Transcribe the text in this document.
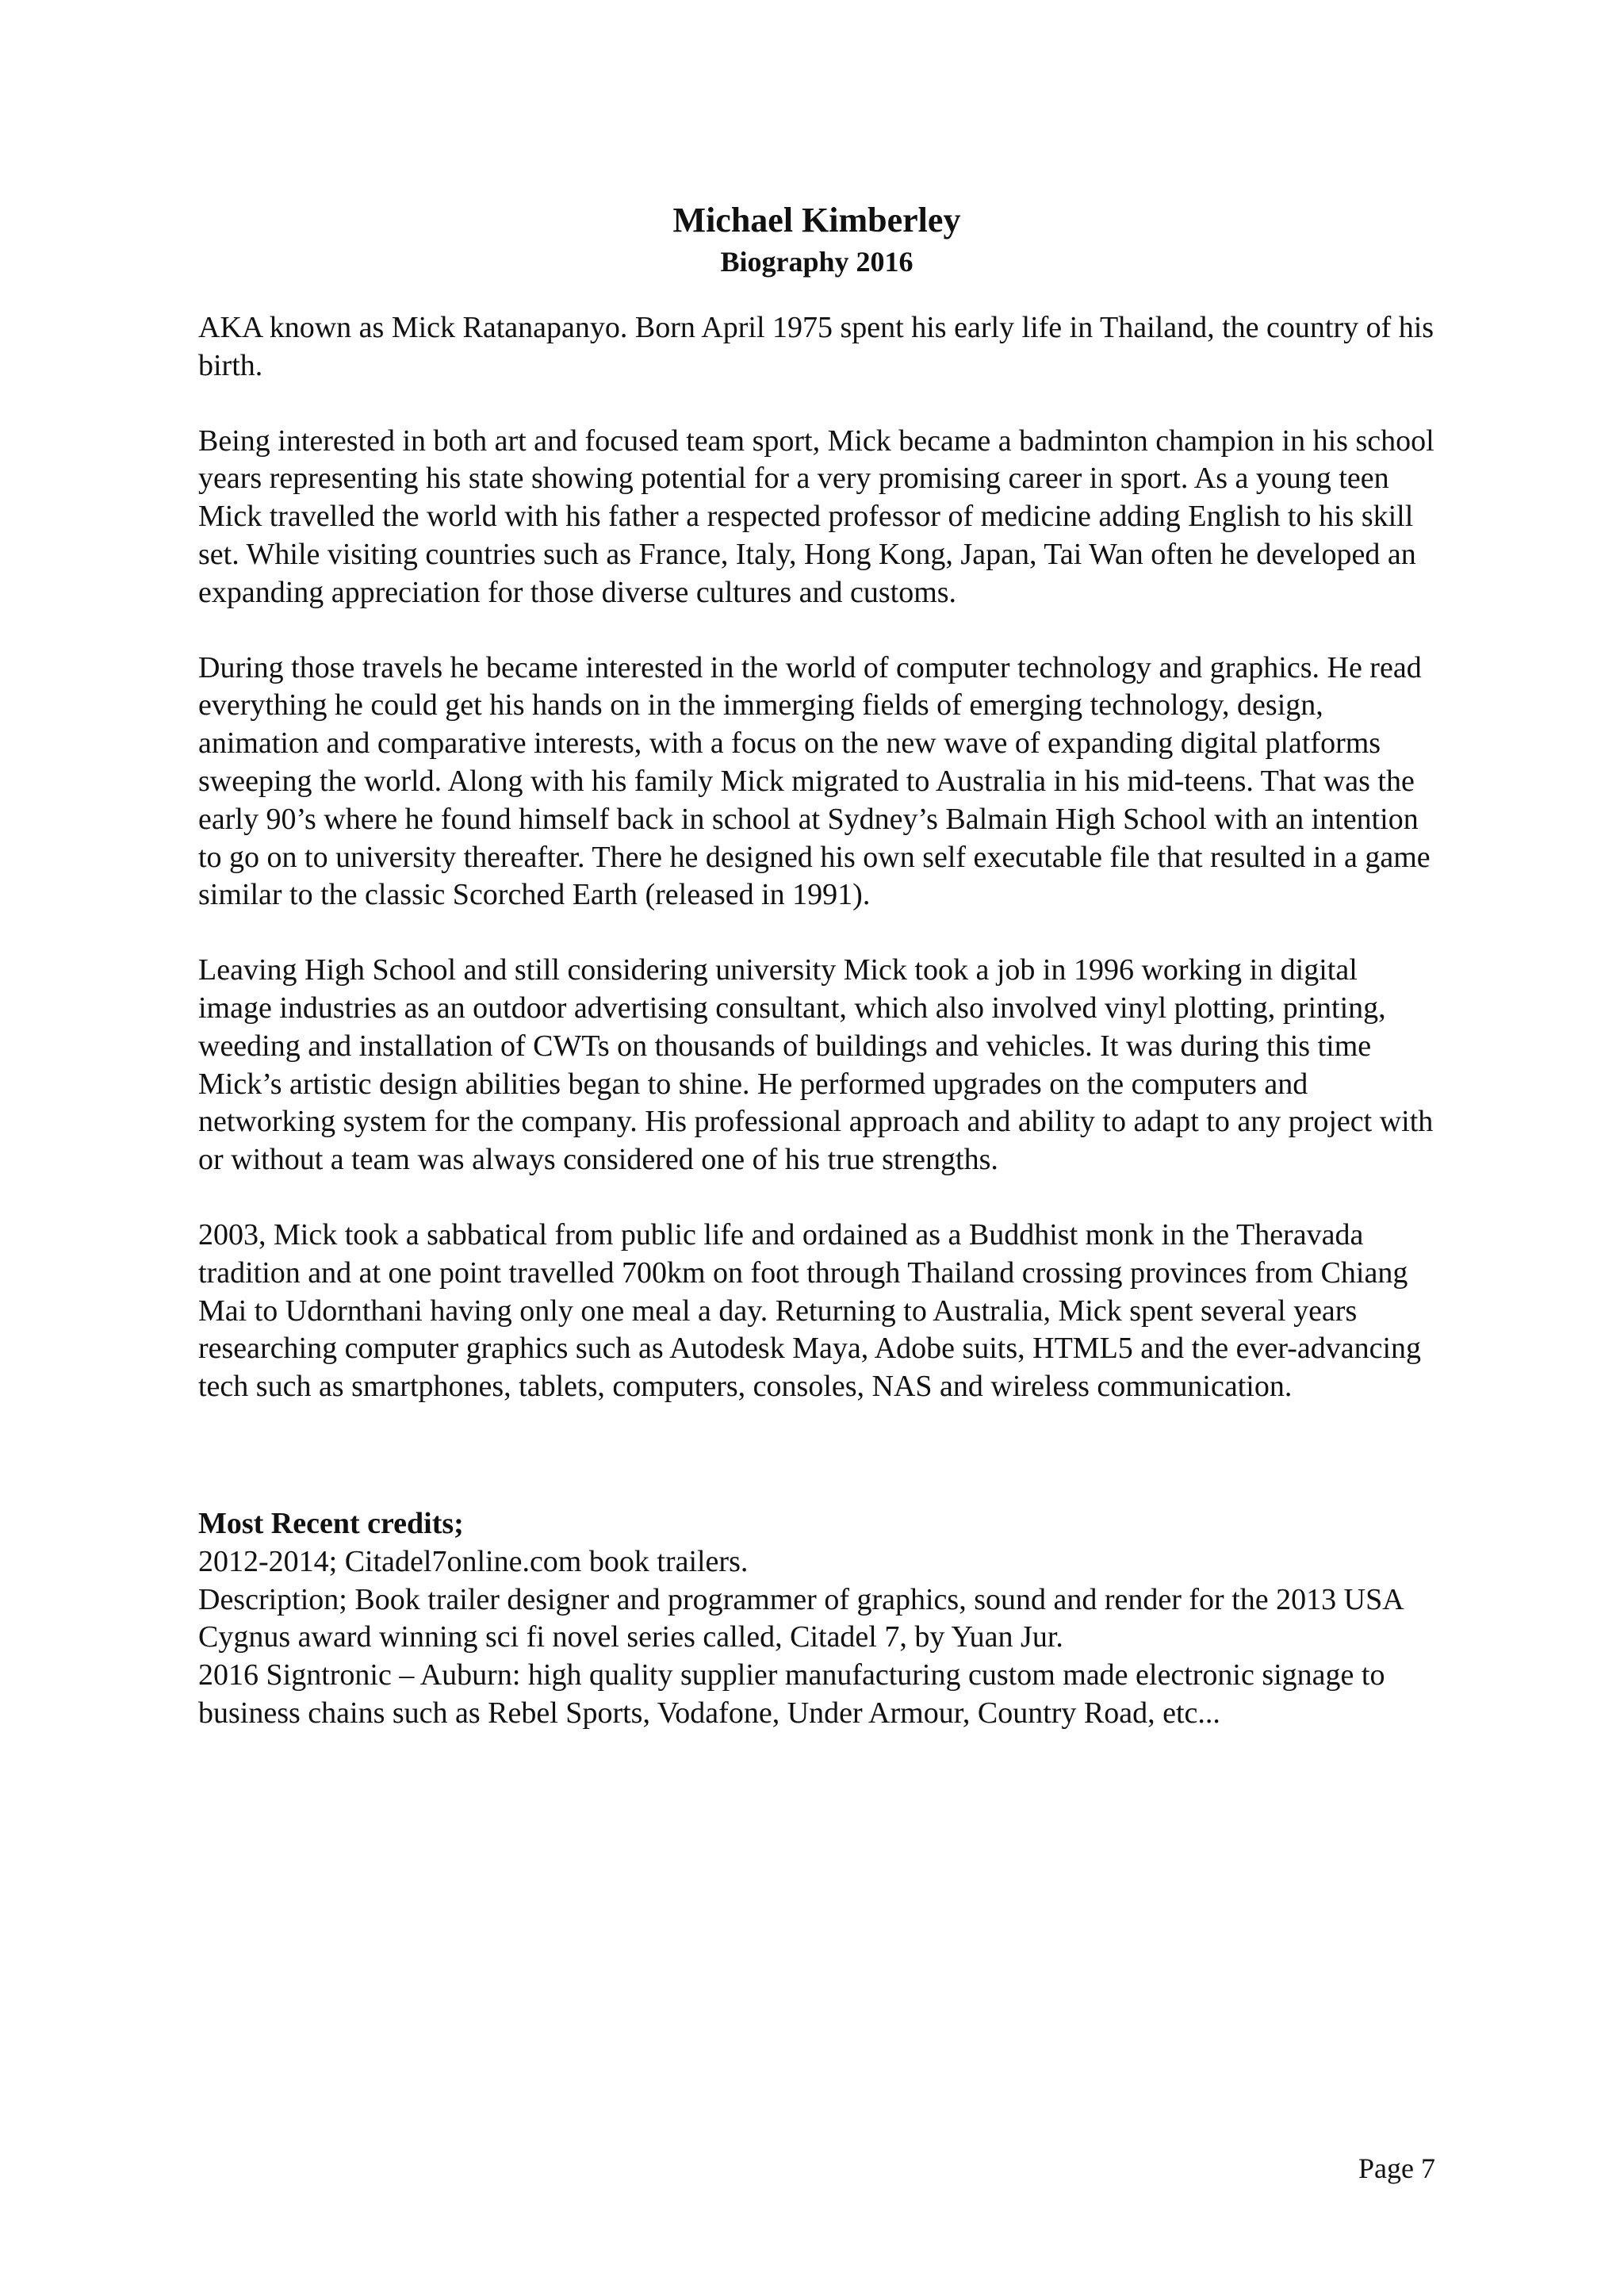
Michael Kimberley
Biography 2016

AKA known as Mick Ratanapanyo. Born April 1975 spent his early life in Thailand, the country of his birth.

Being interested in both art and focused team sport, Mick became a badminton champion in his school years representing his state showing potential for a very promising career in sport. As a young teen Mick travelled the world with his father a respected professor of medicine adding English to his skill set. While visiting countries such as France, Italy, Hong Kong, Japan, Tai Wan often he developed an expanding appreciation for those diverse cultures and customs.

During those travels he became interested in the world of computer technology and graphics. He read everything he could get his hands on in the immerging fields of emerging technology, design, animation and comparative interests, with a focus on the new wave of expanding digital platforms sweeping the world. Along with his family Mick migrated to Australia in his mid-teens. That was the early 90’s where he found himself back in school at Sydney’s Balmain High School with an intention to go on to university thereafter. There he designed his own self executable file that resulted in a game similar to the classic Scorched Earth (released in 1991).

Leaving High School and still considering university Mick took a job in 1996 working in digital image industries as an outdoor advertising consultant, which also involved vinyl plotting, printing, weeding and installation of CWTs on thousands of buildings and vehicles. It was during this time Mick’s artistic design abilities began to shine. He performed upgrades on the computers and networking system for the company. His professional approach and ability to adapt to any project with or without a team was always considered one of his true strengths.

2003, Mick took a sabbatical from public life and ordained as a Buddhist monk in the Theravada tradition and at one point travelled 700km on foot through Thailand crossing provinces from Chiang Mai to Udornthani having only one meal a day. Returning to Australia, Mick spent several years researching computer graphics such as Autodesk Maya, Adobe suits, HTML5 and the ever-advancing tech such as smartphones, tablets, computers, consoles, NAS and wireless communication.

Most Recent credits;
2012-2014; Citadel7online.com book trailers.
Description; Book trailer designer and programmer of graphics, sound and render for the 2013 USA Cygnus award winning sci fi novel series called, Citadel 7, by Yuan Jur.
2016 Signtronic – Auburn: high quality supplier manufacturing custom made electronic signage to business chains such as Rebel Sports, Vodafone, Under Armour, Country Road, etc...
Page 7
